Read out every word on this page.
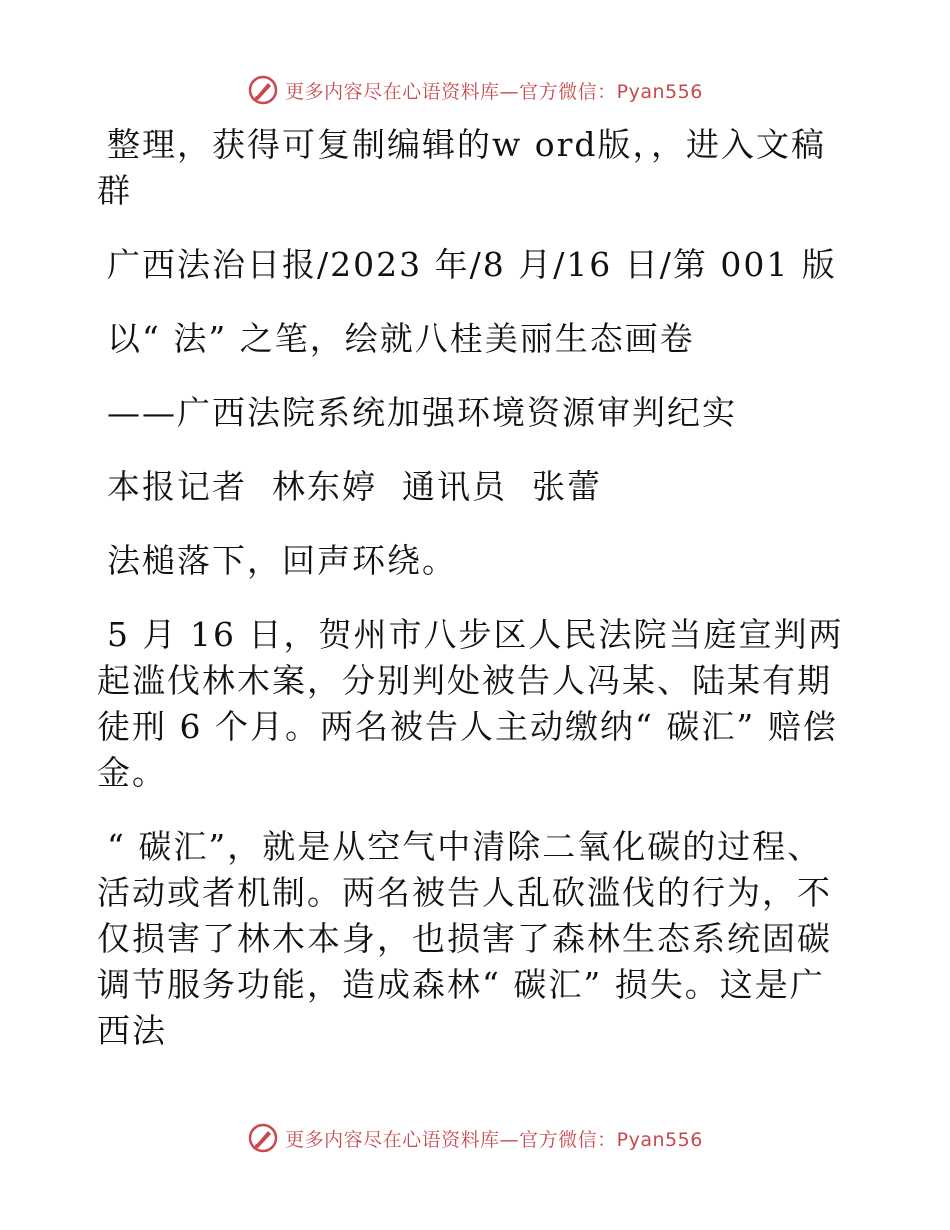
更多内容尽在心语资料库—官方微信：Pyan556

整理，获得可复制编辑的w ord版，，进入文稿群

广西法治日报/2023 年/8 月/16 日/第 001 版

以“ 法” 之笔，绘就八桂美丽生态画卷

——广西法院系统加强环境资源审判纪实

本报记者  林东婷  通讯员  张蕾

法槌落下，回声环绕。

5 月 16 日，贺州市八步区人民法院当庭宣判两起滥伐林木案，分别判处被告人冯某、陆某有期徒刑 6 个月。两名被告人主动缴纳“ 碳汇” 赔偿金。

“ 碳汇”，就是从空气中清除二氧化碳的过程、活动或者机制。两名被告人乱砍滥伐的行为，不仅损害了林木本身，也损害了森林生态系统固碳调节服务功能，造成森林“ 碳汇” 损失。这是广西法

更多内容尽在心语资料库—官方微信：Pyan556
